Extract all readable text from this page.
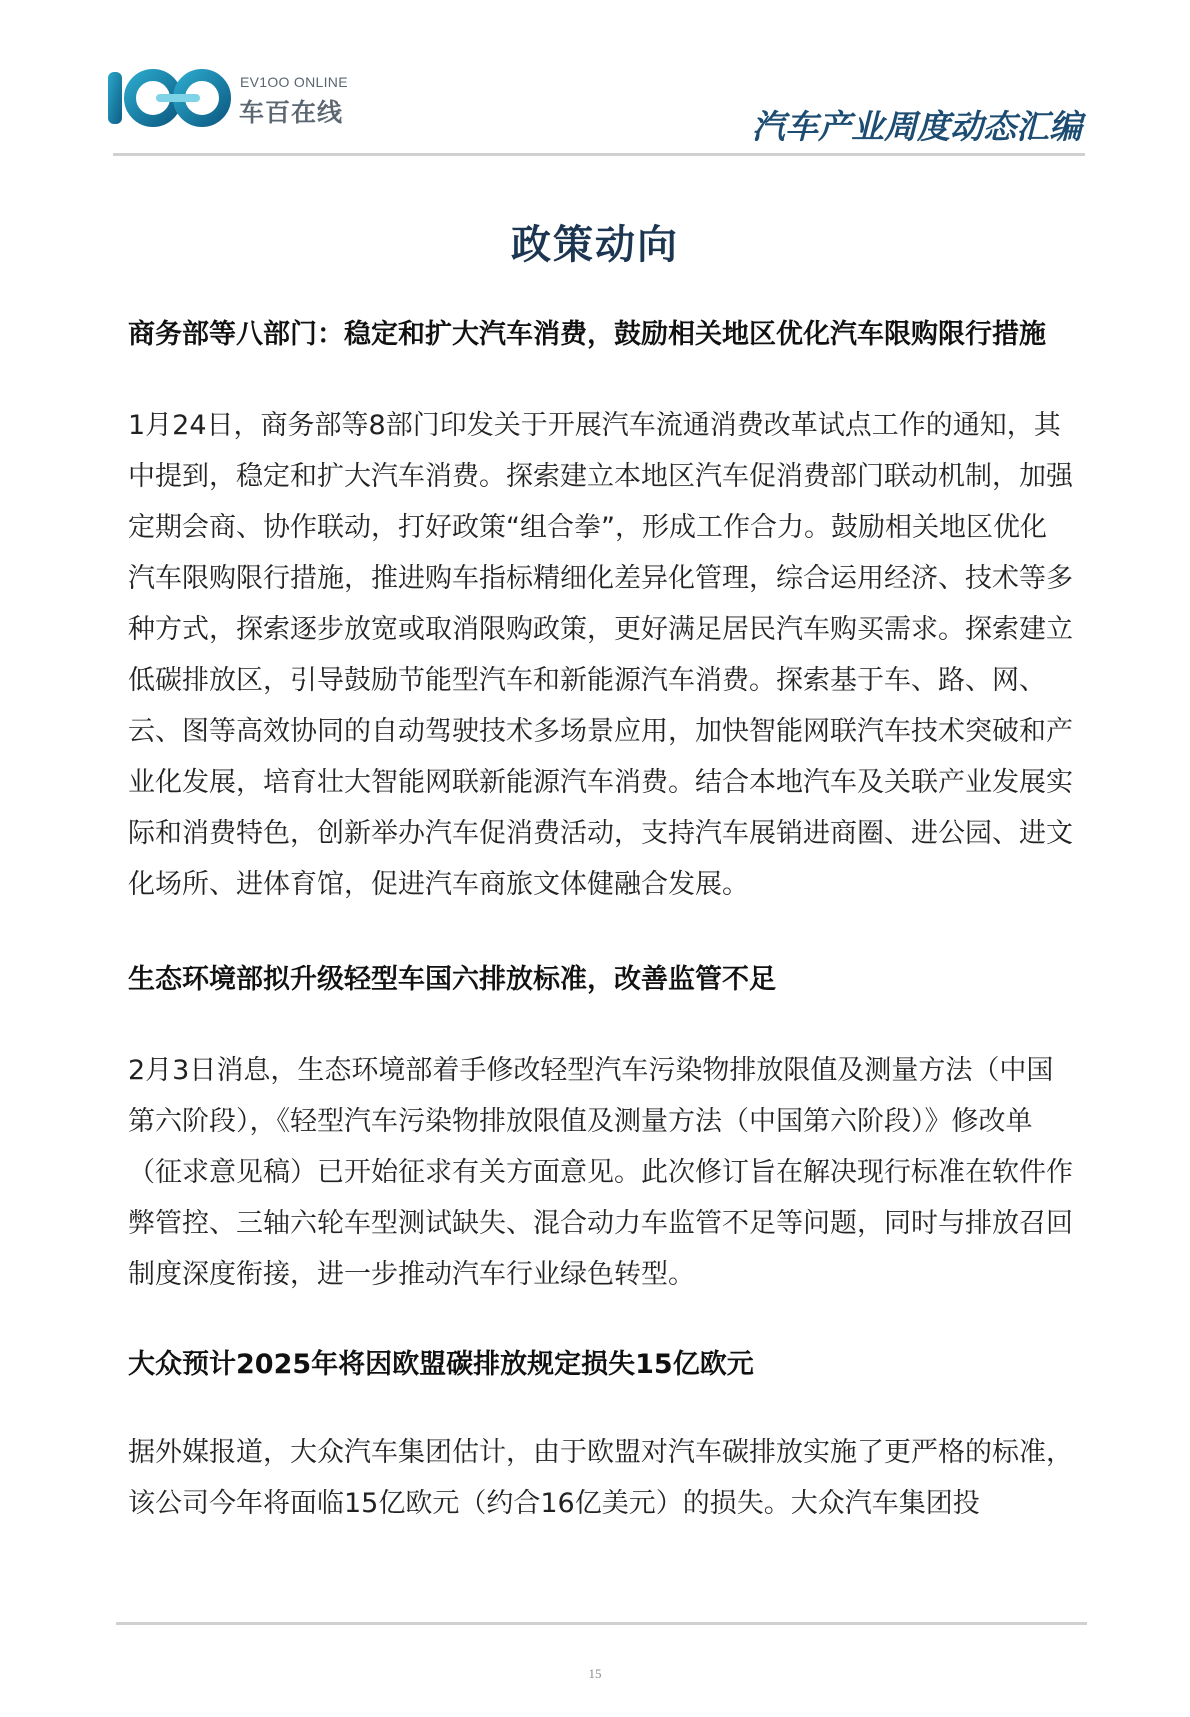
EV1OO ONLINE
车百在线	汽车产业周度动态汇编
政策动向

商务部等八部门：稳定和扩大汽车消费，鼓励相关地区优化汽车限购限行措施

1月24日，商务部等8部门印发关于开展汽车流通消费改革试点工作的通知，其中提到，稳定和扩大汽车消费。探索建立本地区汽车促消费部门联动机制，加强定期会商、协作联动，打好政策“组合拳”，形成工作合力。鼓励相关地区优化汽车限购限行措施，推进购车指标精细化差异化管理，综合运用经济、技术等多种方式，探索逐步放宽或取消限购政策，更好满足居民汽车购买需求。探索建立低碳排放区，引导鼓励节能型汽车和新能源汽车消费。探索基于车、路、网、云、图等高效协同的自动驾驶技术多场景应用，加快智能网联汽车技术突破和产业化发展，培育壮大智能网联新能源汽车消费。结合本地汽车及关联产业发展实际和消费特色，创新举办汽车促消费活动，支持汽车展销进商圈、进公园、进文化场所、进体育馆，促进汽车商旅文体健融合发展。

生态环境部拟升级轻型车国六排放标准，改善监管不足

2月3日消息，生态环境部着手修改轻型汽车污染物排放限值及测量方法（中国第六阶段），《轻型汽车污染物排放限值及测量方法（中国第六阶段）》修改单（征求意见稿）已开始征求有关方面意见。此次修订旨在解决现行标准在软件作弊管控、三轴六轮车型测试缺失、混合动力车监管不足等问题，同时与排放召回制度深度衔接，进一步推动汽车行业绿色转型。

大众预计2025年将因欧盟碳排放规定损失15亿欧元

据外媒报道，大众汽车集团估计，由于欧盟对汽车碳排放实施了更严格的标准，该公司今年将面临15亿欧元（约合16亿美元）的损失。大众汽车集团投

15
